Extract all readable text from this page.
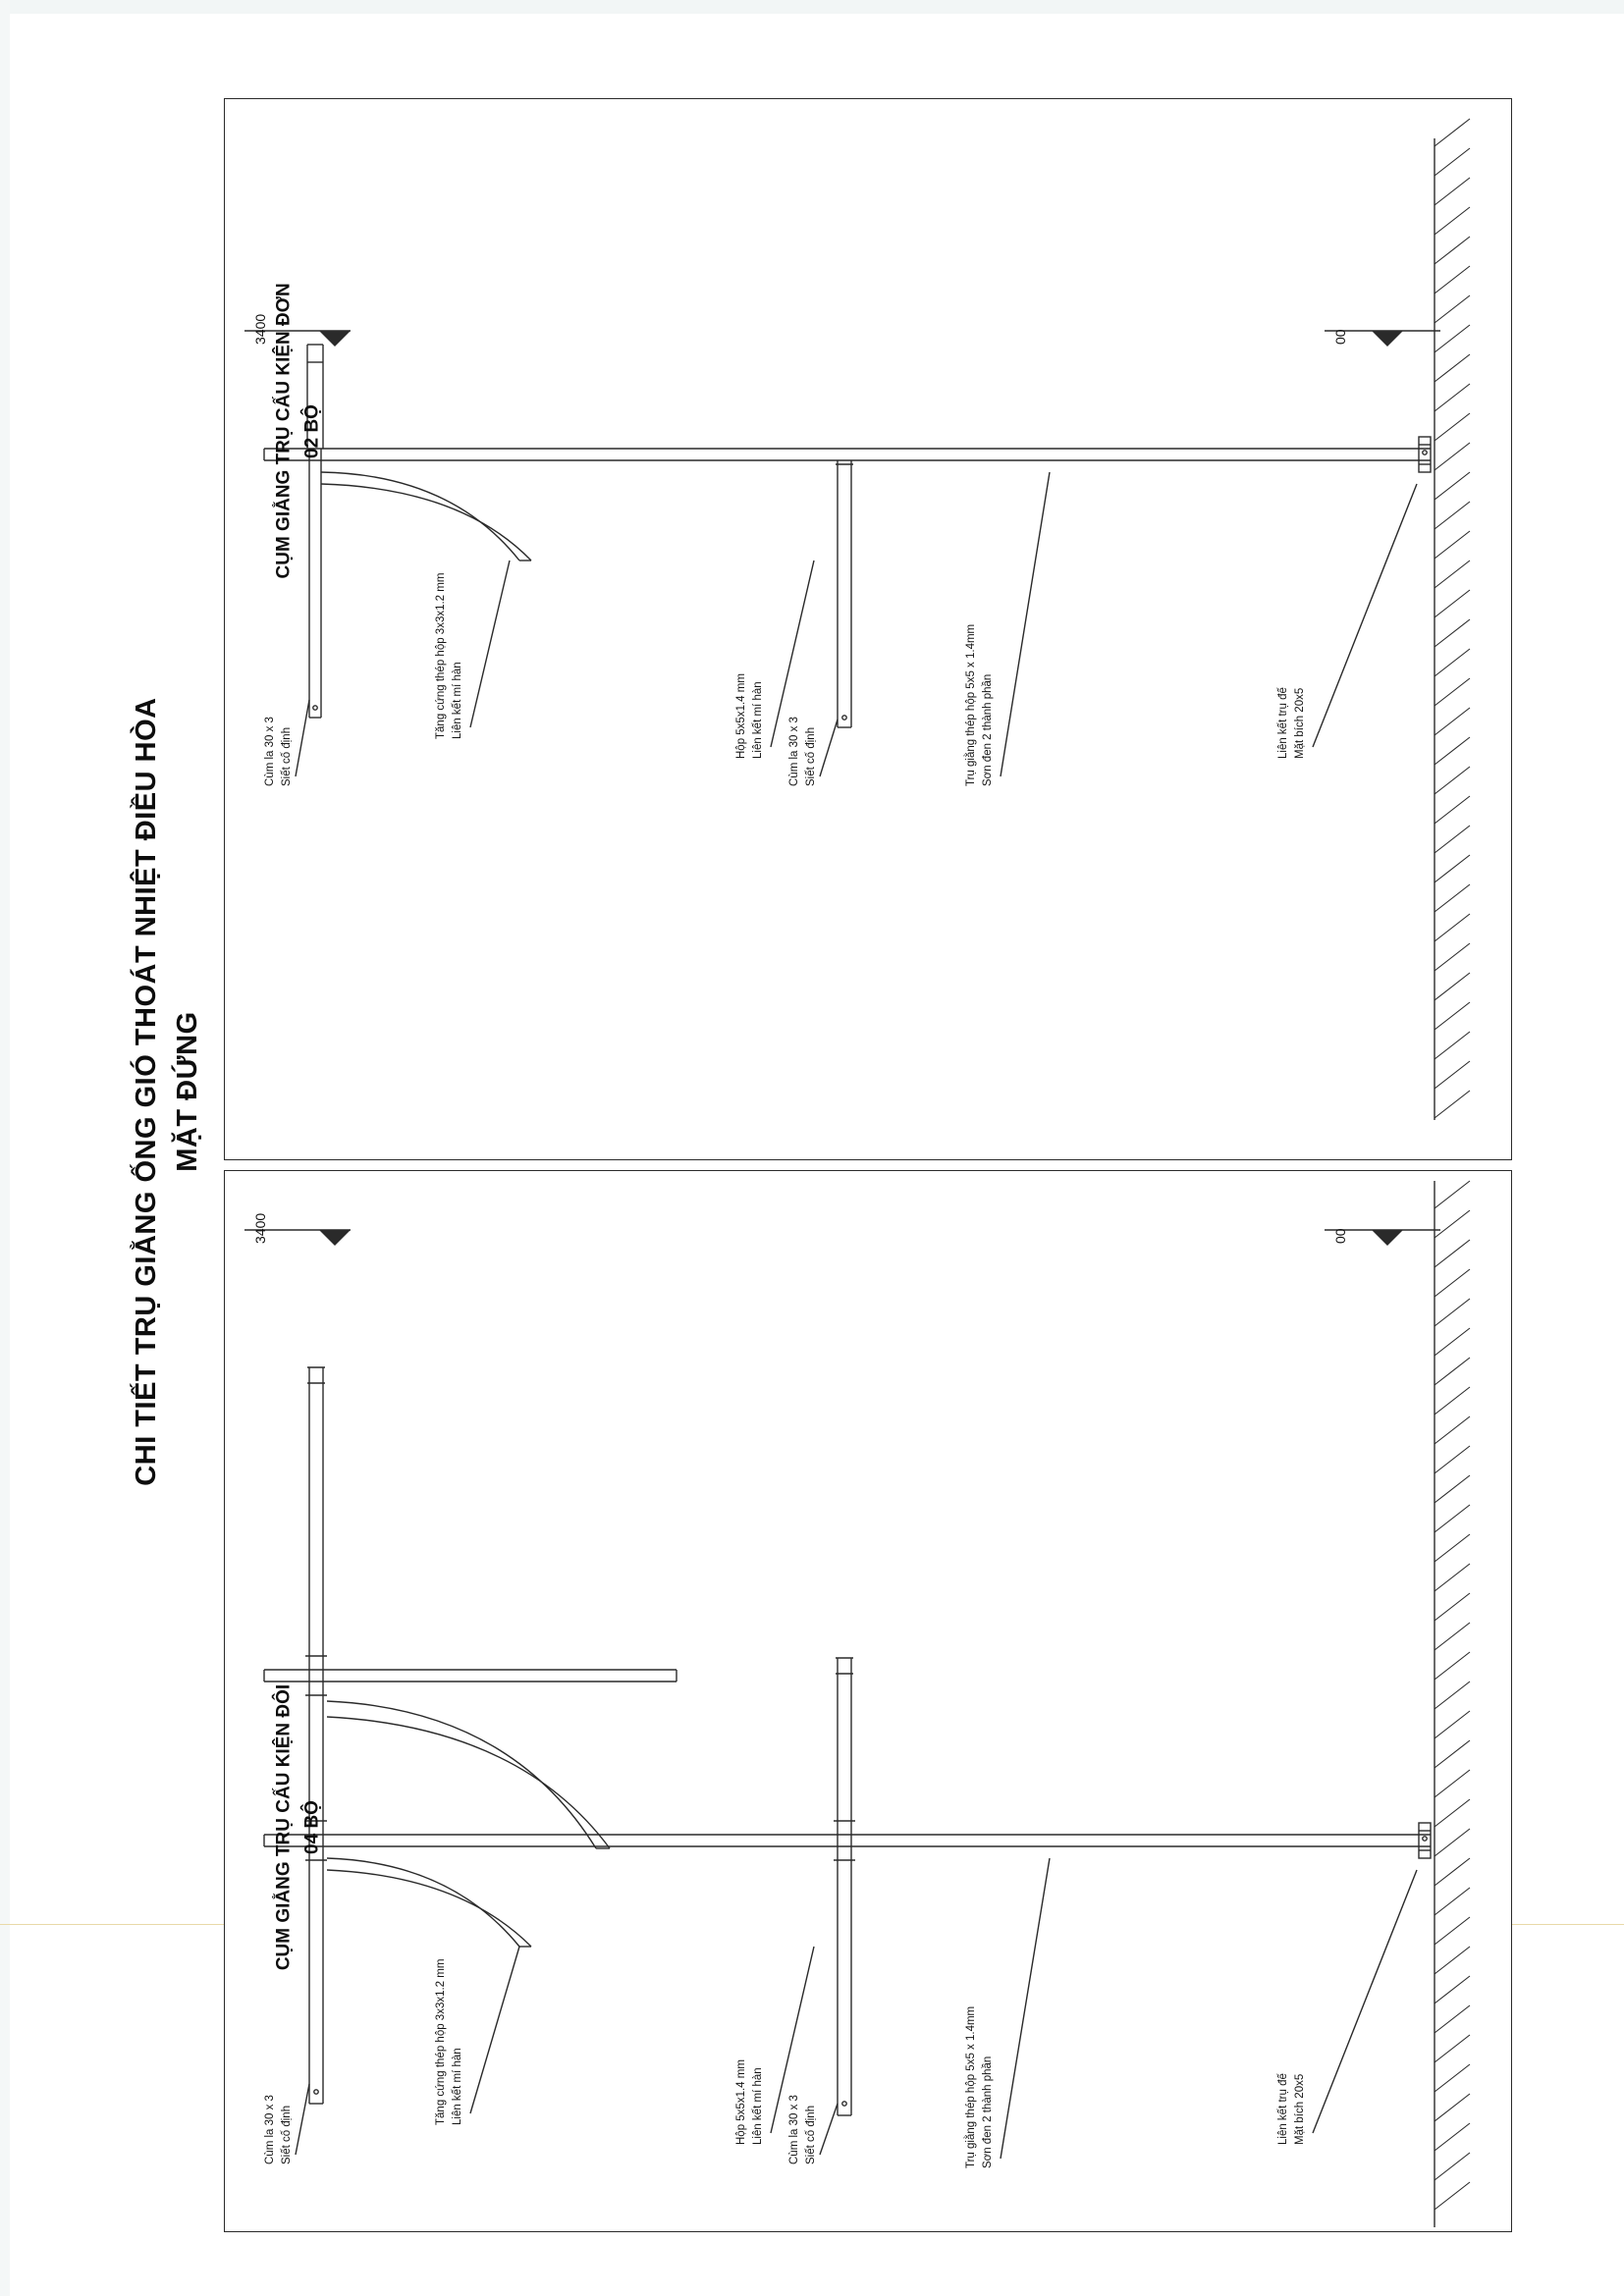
CHI TIẾT TRỤ GIẰNG ỐNG GIÓ THOÁT NHIỆT ĐIỀU HÒA MẶT ĐỨNG
CỤM GIẰNG TRỤ CẤU KIỆN ĐƠN 02 BỘ
3400	00
Cùm la 30 x 3 Siết cố định
Tăng cứng thép hộp 3x3x1.2 mm Liên kết mí hàn	Hộp 5x5x1.4 mm Liên kết mí hàn Cùm la 30 x 3 Siết cố định	Trụ giằng thép hộp 5x5 x 1.4mm Sơn đen 2 thành phần	Liên kết trụ đế Mặt bích 20x5
CỤM GIẰNG TRỤ CẤU KIỆN ĐÔI 04 BỘ
3400	00
Cùm la 30 x 3 Siết cố định
Tăng cứng thép hộp 3x3x1.2 mm Liên kết mí hàn	Hộp 5x5x1.4 mm Liên kết mí hàn Cùm la 30 x 3 Siết cố định	Trụ giằng thép hộp 5x5 x 1.4mm Sơn đen 2 thành phần	Liên kết trụ đế Mặt bích 20x5
